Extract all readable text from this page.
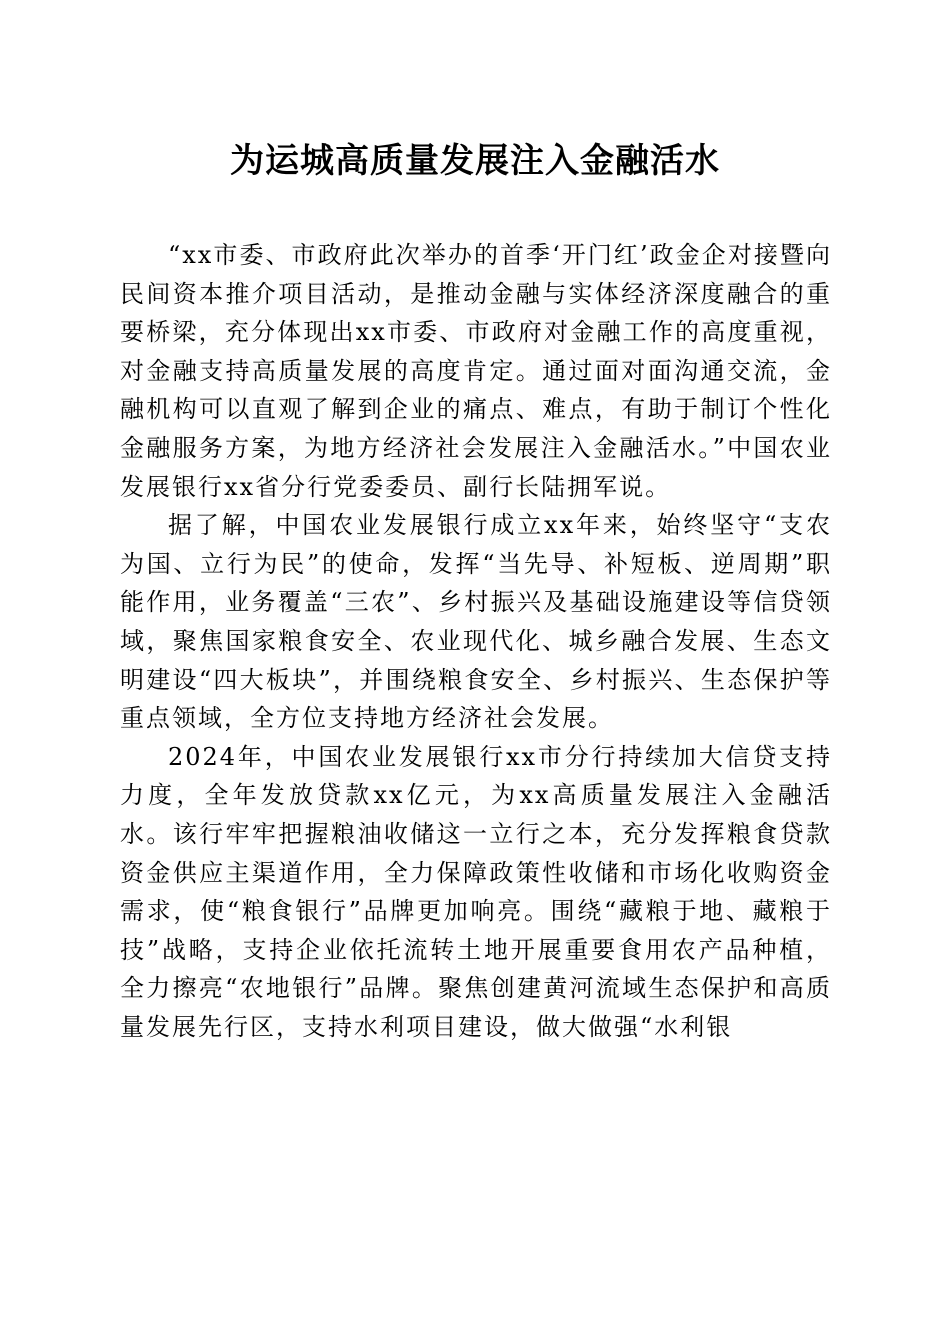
为运城高质量发展注入金融活水

“xx市委、市政府此次举办的首季‘开门红’政金企对接暨向民间资本推介项目活动，是推动金融与实体经济深度融合的重要桥梁，充分体现出xx市委、市政府对金融工作的高度重视，对金融支持高质量发展的高度肯定。通过面对面沟通交流，金融机构可以直观了解到企业的痛点、难点，有助于制订个性化金融服务方案，为地方经济社会发展注入金融活水。”中国农业发展银行xx省分行党委委员、副行长陆拥军说。

据了解，中国农业发展银行成立xx年来，始终坚守“支农为国、立行为民”的使命，发挥“当先导、补短板、逆周期”职能作用，业务覆盖“三农”、乡村振兴及基础设施建设等信贷领域，聚焦国家粮食安全、农业现代化、城乡融合发展、生态文明建设“四大板块”，并围绕粮食安全、乡村振兴、生态保护等重点领域，全方位支持地方经济社会发展。

2024年，中国农业发展银行xx市分行持续加大信贷支持力度，全年发放贷款xx亿元，为xx高质量发展注入金融活水。该行牢牢把握粮油收储这一立行之本，充分发挥粮食贷款资金供应主渠道作用，全力保障政策性收储和市场化收购资金需求，使“粮食银行”品牌更加响亮。围绕“藏粮于地、藏粮于技”战略，支持企业依托流转土地开展重要食用农产品种植，全力擦亮“农地银行”品牌。聚焦创建黄河流域生态保护和高质量发展先行区，支持水利项目建设，做大做强“水利银
